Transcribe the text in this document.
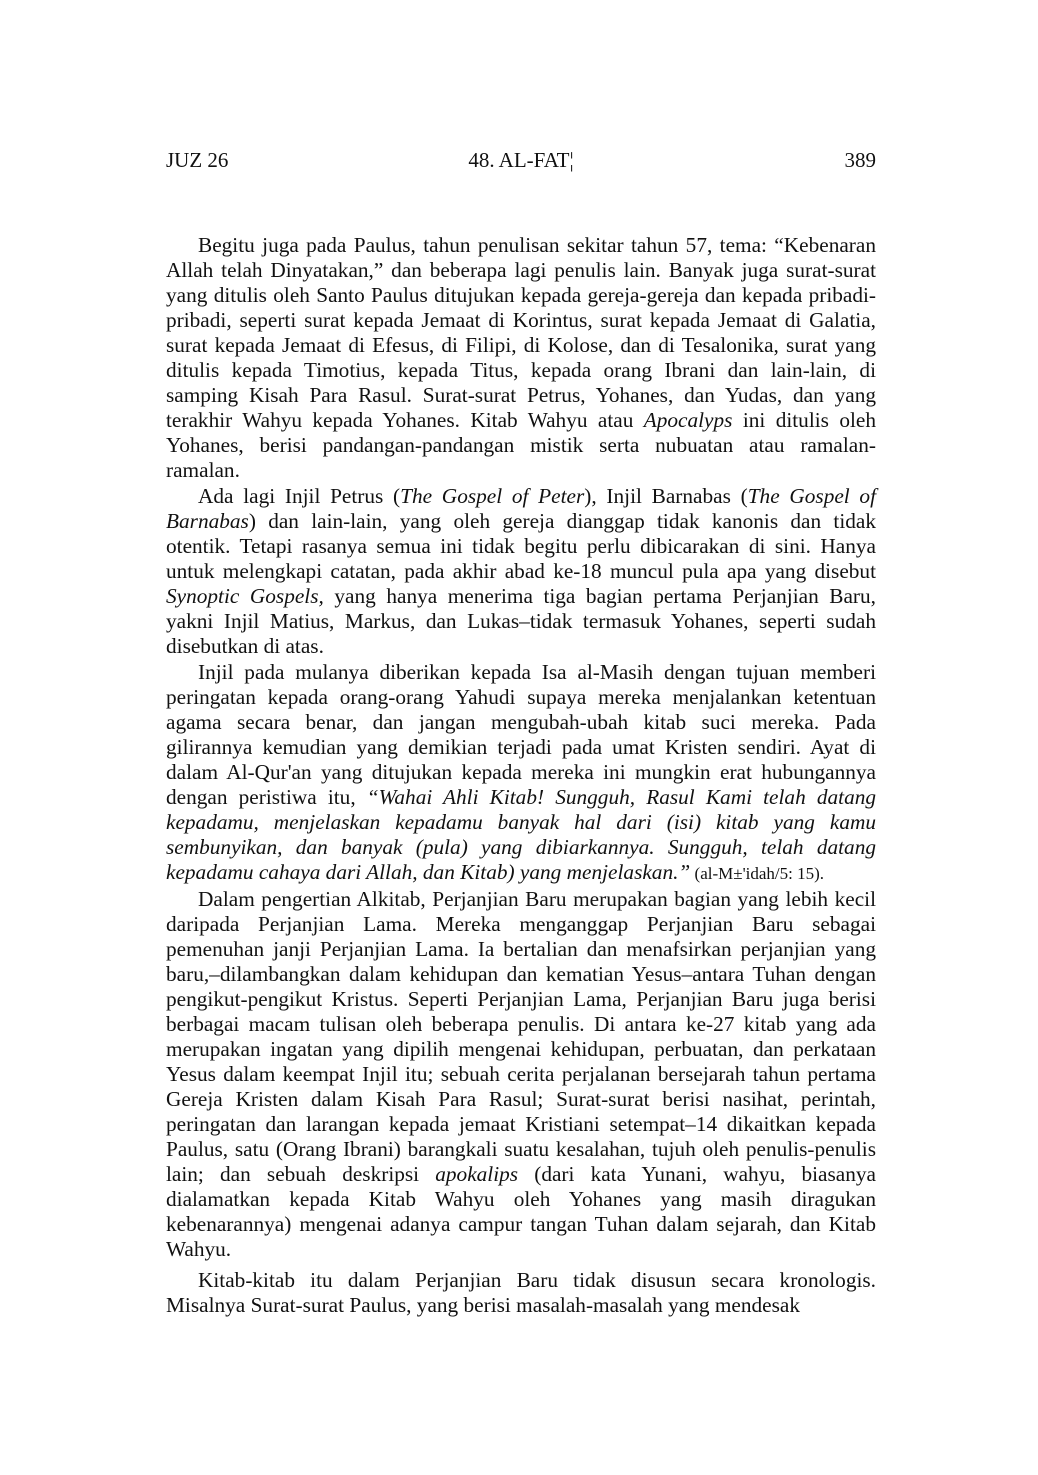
JUZ 26	48. AL-FAT¦	389

Begitu juga pada Paulus, tahun penulisan sekitar tahun 57, tema: “Kebenaran Allah telah Dinyatakan,” dan beberapa lagi penulis lain. Banyak juga surat-surat yang ditulis oleh Santo Paulus ditujukan kepada gereja-gereja dan kepada pribadi-pribadi, seperti surat kepada Jemaat di Korintus, surat kepada Jemaat di Galatia, surat kepada Jemaat di Efesus, di Filipi, di Kolose, dan di Tesalonika, surat yang ditulis kepada Timotius, kepada Titus, kepada orang Ibrani dan lain-lain, di samping Kisah Para Rasul. Surat-surat Petrus, Yohanes, dan Yudas, dan yang terakhir Wahyu kepada Yohanes. Kitab Wahyu atau Apocalyps ini ditulis oleh Yohanes, berisi pandangan-pandangan mistik serta nubuatan atau ramalan-ramalan.

Ada lagi Injil Petrus (The Gospel of Peter), Injil Barnabas (The Gospel of Barnabas) dan lain-lain, yang oleh gereja dianggap tidak kanonis dan tidak otentik. Tetapi rasanya semua ini tidak begitu perlu dibicarakan di sini. Hanya untuk melengkapi catatan, pada akhir abad ke-18 muncul pula apa yang disebut Synoptic Gospels, yang hanya menerima tiga bagian pertama Perjanjian Baru, yakni Injil Matius, Markus, dan Lukas–tidak termasuk Yohanes, seperti sudah disebutkan di atas.

Injil pada mulanya diberikan kepada Isa al-Masih dengan tujuan memberi peringatan kepada orang-orang Yahudi supaya mereka menjalankan ketentuan agama secara benar, dan jangan mengubah-ubah kitab suci mereka. Pada gilirannya kemudian yang demikian terjadi pada umat Kristen sendiri. Ayat di dalam Al-Qur'an yang ditujukan kepada mereka ini mungkin erat hubungannya dengan peristiwa itu, “Wahai Ahli Kitab! Sungguh, Rasul Kami telah datang kepadamu, menjelaskan kepadamu banyak hal dari (isi) kitab yang kamu sembunyikan, dan banyak (pula) yang dibiarkannya. Sungguh, telah datang kepadamu cahaya dari Allah, dan Kitab) yang menjelaskan.” (al-M±'idah/5: 15).

Dalam pengertian Alkitab, Perjanjian Baru merupakan bagian yang lebih kecil daripada Perjanjian Lama. Mereka menganggap Perjanjian Baru sebagai pemenuhan janji Perjanjian Lama. Ia bertalian dan menafsirkan perjanjian yang baru,–dilambangkan dalam kehidupan dan kematian Yesus–antara Tuhan dengan pengikut-pengikut Kristus. Seperti Perjanjian Lama, Perjanjian Baru juga berisi berbagai macam tulisan oleh beberapa penulis. Di antara ke-27 kitab yang ada merupakan ingatan yang dipilih mengenai kehidupan, perbuatan, dan perkataan Yesus dalam keempat Injil itu; sebuah cerita perjalanan bersejarah tahun pertama Gereja Kristen dalam Kisah Para Rasul; Surat-surat berisi nasihat, perintah, peringatan dan larangan kepada jemaat Kristiani setempat–14 dikaitkan kepada Paulus, satu (Orang Ibrani) barangkali suatu kesalahan, tujuh oleh penulis-penulis lain; dan sebuah deskripsi apokalips (dari kata Yunani, wahyu, biasanya dialamatkan kepada Kitab Wahyu oleh Yohanes yang masih diragukan kebenarannya) mengenai adanya campur tangan Tuhan dalam sejarah, dan Kitab Wahyu.

Kitab-kitab itu dalam Perjanjian Baru tidak disusun secara kronologis. Misalnya Surat-surat Paulus, yang berisi masalah-masalah yang mendesak
